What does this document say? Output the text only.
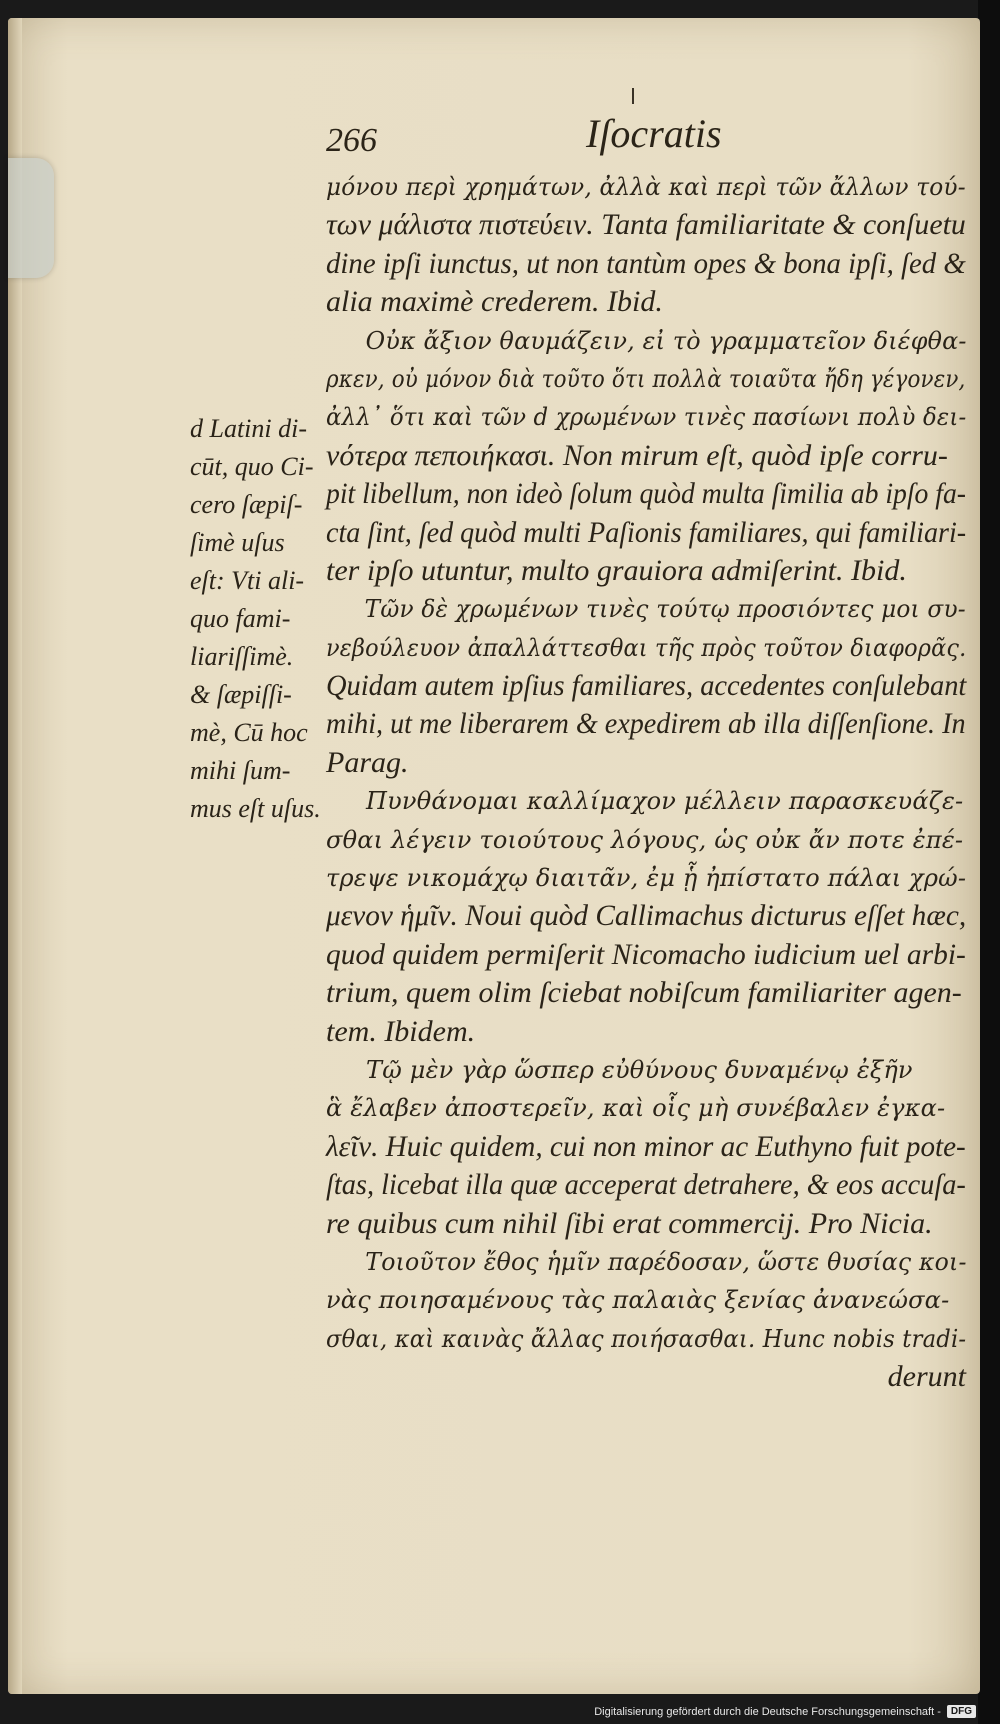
266	Iſocratis
d Latini di-
cūt, quo Ci-
cero ſæpiſ-
ſimè uſus
eſt: Vti ali-
quo fami-
liariſſimè.
& ſæpiſſi-
mè, Cū hoc
mihi ſum-
mus eſt uſus.
μόνου περὶ χρημάτων, ἀλλὰ καὶ περὶ τῶν ἄλλων τού-
των μάλιστα πιστεύειν. Tanta familiaritate & conſuetu
dine ipſi iunctus, ut non tantùm opes & bona ipſi, ſed &
alia maximè crederem. Ibid.
Οὐκ ἄξιον θαυμάζειν, εἰ τὸ γραμματεῖον διέφθα-
ρκεν, οὐ μόνον διὰ τοῦτο ὅτι πολλὰ τοιαῦτα ἤδη γέγονεν,
ἀλλ᾽ ὅτι καὶ τῶν d χρωμένων τινὲς πασίωνι πολὺ δει-
νότερα πεποιήκασι. Non mirum eſt, quòd ipſe corru-
pit libellum, non ideò ſolum quòd multa ſimilia ab ipſo fa-
cta ſint, ſed quòd multi Paſionis familiares, qui familiari-
ter ipſo utuntur, multo grauiora admiſerint. Ibid.
Τῶν δὲ χρωμένων τινὲς τούτῳ προσιόντες μοι συ-
νεβούλευον ἀπαλλάττεσθαι τῆς πρὸς τοῦτον διαφορᾶς.
Quidam autem ipſius familiares, accedentes conſulebant
mihi, ut me liberarem & expedirem ab illa diſſenſione. In
Parag.
Πυνθάνομαι καλλίμαχον μέλλειν παρασκευάζε-
σθαι λέγειν τοιούτους λόγους, ὡς οὐκ ἄν ποτε ἐπέ-
τρεψε νικομάχῳ διαιτᾶν, ἐμ ᾗ ἠπίστατο πάλαι χρώ-
μενον ἡμῖν. Noui quòd Callimachus dicturus eſſet hæc,
quod quidem permiſerit Nicomacho iudicium uel arbi-
trium, quem olim ſciebat nobiſcum familiariter agen-
tem. Ibidem.
Τῷ μὲν γὰρ ὥσπερ εὐθύνους δυναμένῳ ἐξῆν
ἃ ἔλαβεν ἀποστερεῖν, καὶ οἷς μὴ συνέβαλεν ἐγκα-
λεῖν. Huic quidem, cui non minor ac Euthyno fuit pote-
ſtas, licebat illa quæ acceperat detrahere, & eos accuſa-
re quibus cum nihil ſibi erat commercij. Pro Nicia.
Τοιοῦτον ἔθος ἡμῖν παρέδοσαν, ὥστε θυσίας κοι-
νὰς ποιησαμένους τὰς παλαιὰς ξενίας ἀνανεώσα-
σθαι, καὶ καινὰς ἄλλας ποιήσασθαι. Hunc nobis tradi-
derunt
Digitalisierung gefördert durch die Deutsche Forschungsgemeinschaft -	DFG
